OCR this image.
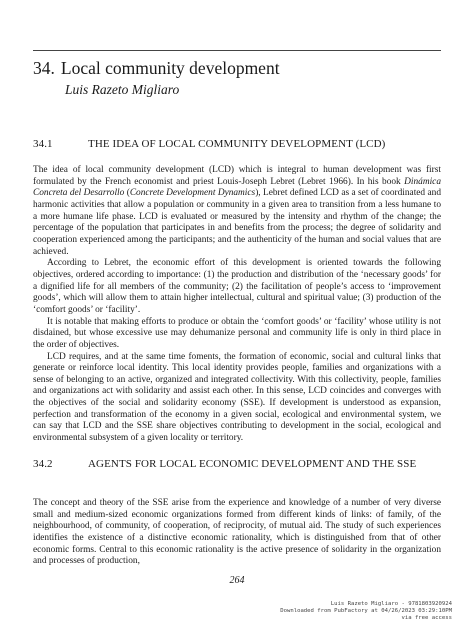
34. Local community development
Luis Razeto Migliaro
34.1	THE IDEA OF LOCAL COMMUNITY DEVELOPMENT (LCD)

The idea of local community development (LCD) which is integral to human development was first formulated by the French economist and priest Louis-Joseph Lebret (Lebret 1966). In his book Dinámica Concreta del Desarrollo (Concrete Development Dynamics), Lebret defined LCD as a set of coordinated and harmonic activities that allow a population or community in a given area to transition from a less humane to a more humane life phase. LCD is evaluated or measured by the intensity and rhythm of the change; the percentage of the population that participates in and benefits from the process; the degree of solidarity and cooperation experienced among the participants; and the authenticity of the human and social values that are achieved.

According to Lebret, the economic effort of this development is oriented towards the following objectives, ordered according to importance: (1) the production and distribution of the ‘necessary goods’ for a dignified life for all members of the community; (2) the facilitation of people’s access to ‘improvement goods’, which will allow them to attain higher intellectual, cultural and spiritual value; (3) production of the ‘comfort goods’ or ‘facility’.

It is notable that making efforts to produce or obtain the ‘comfort goods’ or ‘facility’ whose utility is not disdained, but whose excessive use may dehumanize personal and community life is only in third place in the order of objectives.

LCD requires, and at the same time foments, the formation of economic, social and cultural links that generate or reinforce local identity. This local identity provides people, families and organizations with a sense of belonging to an active, organized and integrated collectivity. With this collectivity, people, families and organizations act with solidarity and assist each other. In this sense, LCD coincides and converges with the objectives of the social and solidarity economy (SSE). If development is understood as expansion, perfection and transformation of the economy in a given social, ecological and environmental system, we can say that LCD and the SSE share objectives contributing to development in the social, ecological and environmental subsystem of a given locality or territory.

34.2	AGENTS FOR LOCAL ECONOMIC DEVELOPMENT AND THE SSE

The concept and theory of the SSE arise from the experience and knowledge of a number of very diverse small and medium-sized economic organizations formed from different kinds of links: of family, of the neighbourhood, of community, of cooperation, of reciprocity, of mutual aid. The study of such experiences identifies the existence of a distinctive economic rationality, which is distinguished from that of other economic forms. Central to this economic rationality is the active presence of solidarity in the organization and processes of production,

264
Luis Razeto Migliaro - 9781803920924
Downloaded from PubFactory at 04/26/2023 03:29:10PM
via free access
